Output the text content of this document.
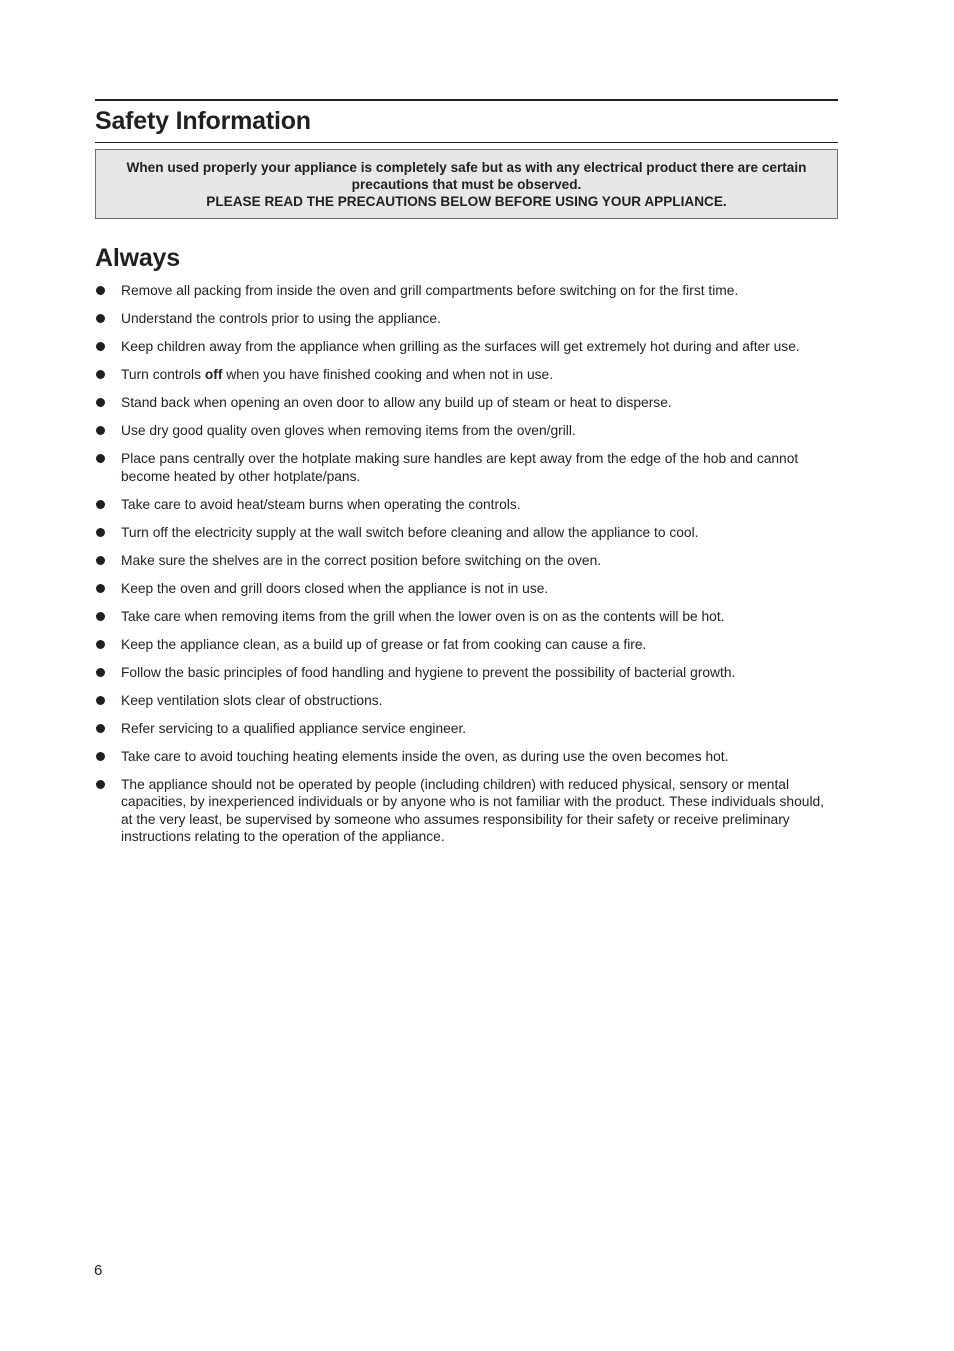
Safety Information

When used properly your appliance is completely safe but as with any electrical product there are certain precautions that must be observed.

PLEASE READ THE PRECAUTIONS BELOW BEFORE USING YOUR APPLIANCE.

Always
Remove all packing from inside the oven and grill compartments before switching on for the first time.
Understand the controls prior to using the appliance.
Keep children away from the appliance when grilling as the surfaces will get extremely hot during and after use.
Turn controls off when you have finished cooking and when not in use.
Stand back when opening an oven door to allow any build up of steam or heat to disperse.
Use dry good quality oven gloves when removing items from the oven/grill.
Place pans centrally over the hotplate making sure handles are kept away from the edge of the hob and cannot become heated by other hotplate/pans.
Take care to avoid heat/steam burns when operating the controls.
Turn off the electricity supply at the wall switch before cleaning and allow the appliance to cool.
Make sure the shelves are in the correct position before switching on the oven.
Keep the oven and grill doors closed when the appliance is not in use.
Take care when removing items from the grill when the lower oven is on as the contents will be hot.
Keep the appliance clean, as a build up of grease or fat from cooking can cause a fire.
Follow the basic principles of food handling and hygiene to prevent the possibility of bacterial growth.
Keep ventilation slots clear of obstructions.
Refer servicing to a qualified appliance service engineer.
Take care to avoid touching heating elements inside the oven, as during use the oven becomes hot.
The appliance should not be operated by people (including children) with reduced physical, sensory or mental capacities, by inexperienced individuals or by anyone who is not familiar with the product. These individuals should, at the very least, be supervised by someone who assumes responsibility for their safety or receive preliminary instructions relating to the operation of the appliance.
6
